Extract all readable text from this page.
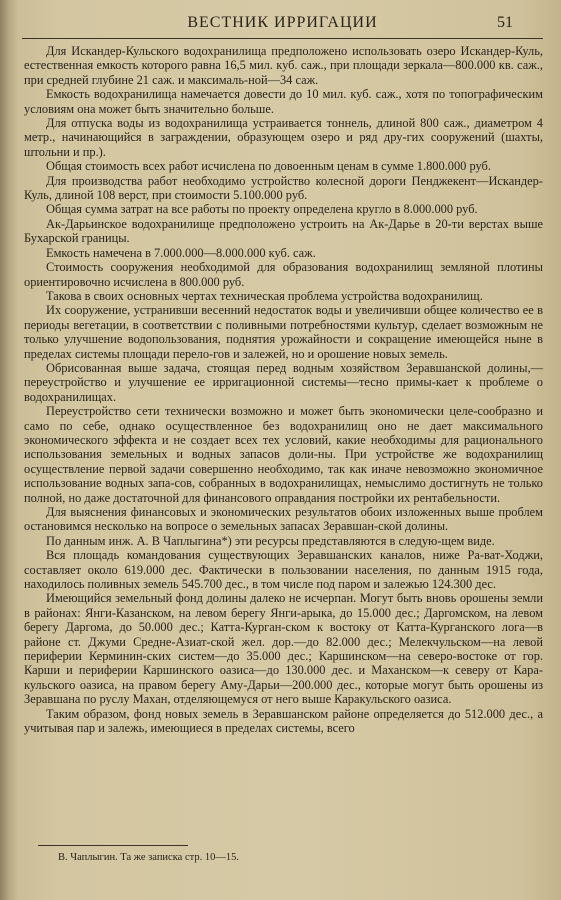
ВЕСТНИК ИРРИГАЦИИ	51

Для Искандер-Кульского водохранилища предположено использовать озеро Искандер-Куль, естественная емкость которого равна 16,5 мил. куб. саж., при площади зеркала—800.000 кв. саж., при средней глубине 21 саж. и максималь-ной—34 саж.

Емкость водохранилища намечается довести до 10 мил. куб. саж., хотя по топографическим условиям она может быть значительно больше.

Для отпуска воды из водохранилища устраивается тоннель, длиной 800 саж., диаметром 4 метр., начинающийся в заграждении, образующем озеро и ряд дру-гих сооружений (шахты, штольни и пр.).

Общая стоимость всех работ исчислена по довоенным ценам в сумме 1.800.000 руб.

Для производства работ необходимо устройство колесной дороги Пенджекент—Искандер-Куль, длиной 108 верст, при стоимости 5.100.000 руб.

Общая сумма затрат на все работы по проекту определена кругло в 8.000.000 руб.

Ак-Дарьинское водохранилище предположено устроить на Ак-Дарье в 20-ти верстах выше Бухарской границы.

Емкость намечена в 7.000.000—8.000.000 куб. саж.

Стоимость сооружения необходимой для образования водохранилищ земляной плотины ориентировочно исчислена в 800.000 руб.

Такова в своих основных чертах техническая проблема устройства водохранилищ.

Их сооружение, устранивши весенний недостаток воды и увеличивши общее количество ее в периоды вегетации, в соответствии с поливными потребностями культур, сделает возможным не только улучшение водопользования, поднятия урожайности и сокращение имеющейся ныне в пределах системы площади перело-гов и залежей, но и орошение новых земель.

Обрисованная выше задача, стоящая перед водным хозяйством Зеравшанской долины,—переустройство и улучшение ее ирригационной системы—тесно примы-кает к проблеме о водохранилищах.

Переустройство сети технически возможно и может быть экономически целе-сообразно и само по себе, однако осуществленное без водохранилищ оно не дает максимального экономического эффекта и не создает всех тех условий, какие необходимы для рационального использования земельных и водных запасов доли-ны. При устройстве же водохранилищ осуществление первой задачи совершенно необходимо, так как иначе невозможно экономичное использование водных запа-сов, собранных в водохранилищах, немыслимо достигнуть не только полной, но даже достаточной для финансового оправдания постройки их рентабельности.

Для выяснения финансовых и экономических результатов обоих изложенных выше проблем остановимся несколько на вопросе о земельных запасах Зеравшан-ской долины.

По данным инж. А. В Чаплыгина*) эти ресурсы представляются в следую-щем виде.

Вся площадь командования существующих Зеравшанских каналов, ниже Ра-ват-Ходжи, составляет около 619.000 дес. Фактически в пользовании населения, по данным 1915 года, находилось поливных земель 545.700 дес., в том числе под паром и залежью 124.300 дес.

Имеющийся земельный фонд долины далеко не исчерпан. Могут быть вновь орошены земли в районах: Янги-Казанском, на левом берегу Янги-арыка, до 15.000 дес.; Даргомском, на левом берегу Даргома, до 50.000 дес.; Катта-Курган-ском к востоку от Катта-Курганского лога—в районе ст. Джуми Средне-Азиат-ской жел. дор.—до 82.000 дес.; Мелекчульском—на левой периферии Керминин-ских систем—до 35.000 дес.; Каршинском—на северо-востоке от гор. Карши и периферии Каршинского оазиса—до 130.000 дес. и Маханском—к северу от Кара-кульского оазиса, на правом берегу Аму-Дарьи—200.000 дес., которые могут быть орошены из Зеравшана по руслу Махан, отделяющемуся от него выше Каракульского оазиса.

Таким образом, фонд новых земель в Зеравшанском районе определяется до 512.000 дес., а учитывая пар и залежь, имеющиеся в пределах системы, всего

В. Чаплыгин. Та же записка стр. 10—15.
